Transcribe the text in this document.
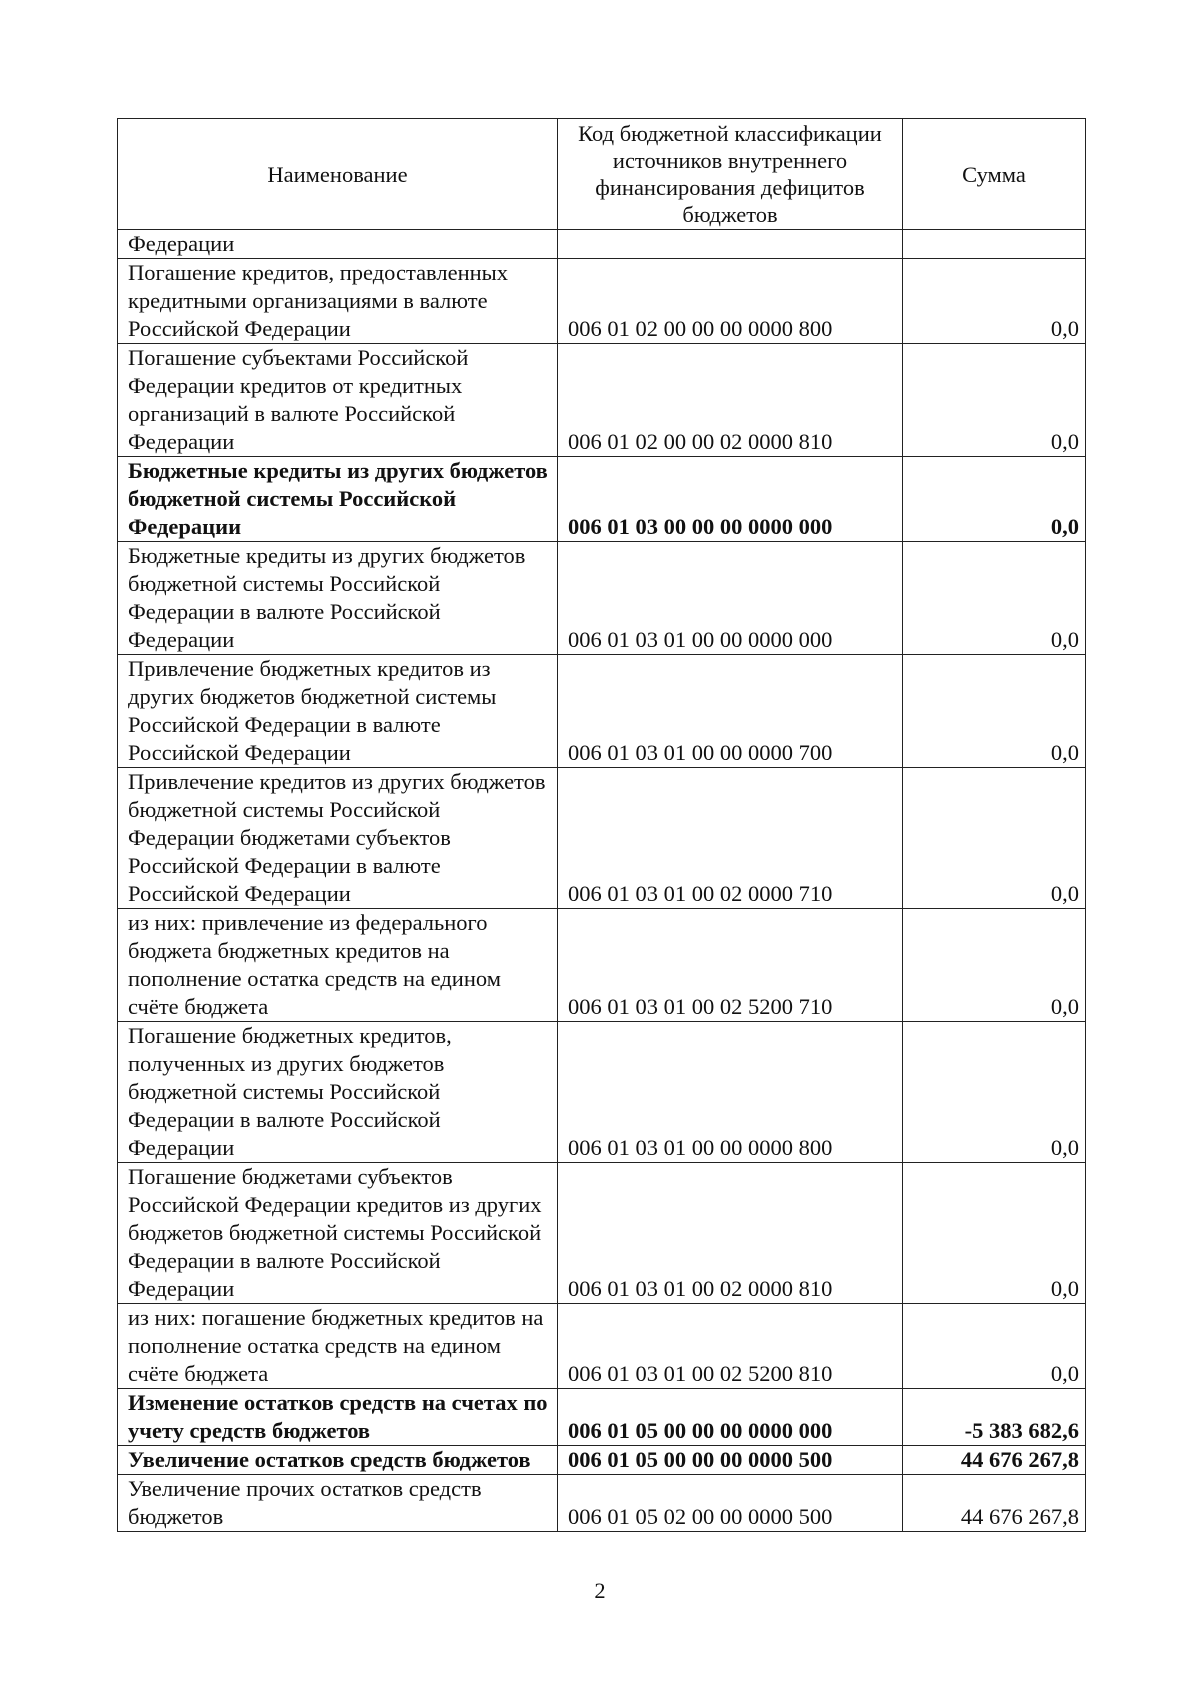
Наименование	Код бюджетной классификации источников внутреннего финансирования дефицитов бюджетов	Сумма
Федерации		
Погашение кредитов, предоставленных кредитными организациями в валюте Российской Федерации	006 01 02 00 00 00 0000 800	0,0
Погашение субъектами Российской Федерации кредитов от кредитных организаций в валюте Российской Федерации	006 01 02 00 00 02 0000 810	0,0
Бюджетные кредиты из других бюджетов бюджетной системы Российской Федерации	006 01 03 00 00 00 0000 000	0,0
Бюджетные кредиты из других бюджетов бюджетной системы Российской Федерации в валюте Российской Федерации	006 01 03 01 00 00 0000 000	0,0
Привлечение бюджетных кредитов из других бюджетов бюджетной системы Российской Федерации в валюте Российской Федерации	006 01 03 01 00 00 0000 700	0,0
Привлечение кредитов из других бюджетов бюджетной системы Российской Федерации бюджетами субъектов Российской Федерации в валюте Российской Федерации	006 01 03 01 00 02 0000 710	0,0
из них: привлечение из федерального бюджета бюджетных кредитов на пополнение остатка средств на едином счёте бюджета	006 01 03 01 00 02 5200 710	0,0
Погашение бюджетных кредитов, полученных из других бюджетов бюджетной системы Российской Федерации в валюте Российской Федерации	006 01 03 01 00 00 0000 800	0,0
Погашение бюджетами субъектов Российской Федерации кредитов из других бюджетов бюджетной системы Российской Федерации в валюте Российской Федерации	006 01 03 01 00 02 0000 810	0,0
из них: погашение бюджетных кредитов на пополнение остатка средств на едином счёте бюджета	006 01 03 01 00 02 5200 810	0,0
Изменение остатков средств на счетах по учету средств бюджетов	006 01 05 00 00 00 0000 000	-5 383 682,6
Увеличение остатков средств бюджетов	006 01 05 00 00 00 0000 500	44 676 267,8
Увеличение прочих остатков средств бюджетов	006 01 05 02 00 00 0000 500	44 676 267,8
2
